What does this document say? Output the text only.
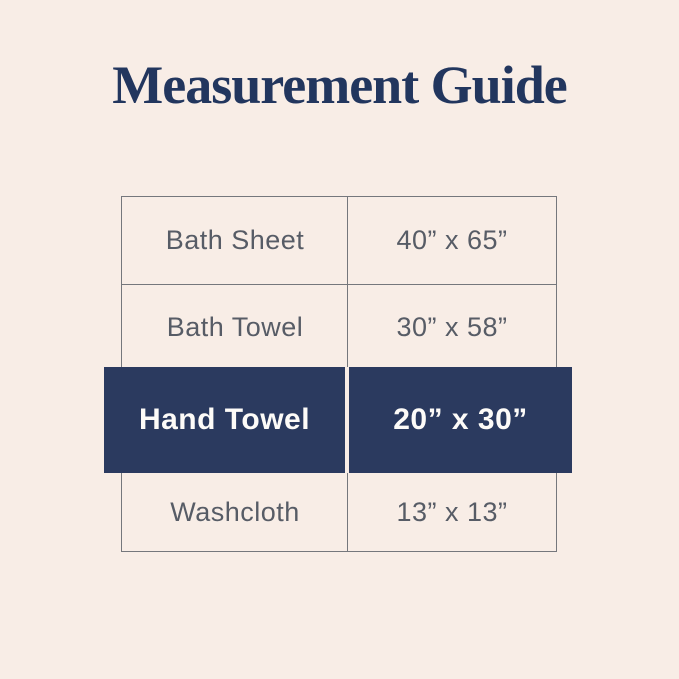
Measurement Guide
Bath Sheet	40” x 65”
Bath Towel	30” x 58”
Washcloth	13” x 13”
Hand Towel	20” x 30”
